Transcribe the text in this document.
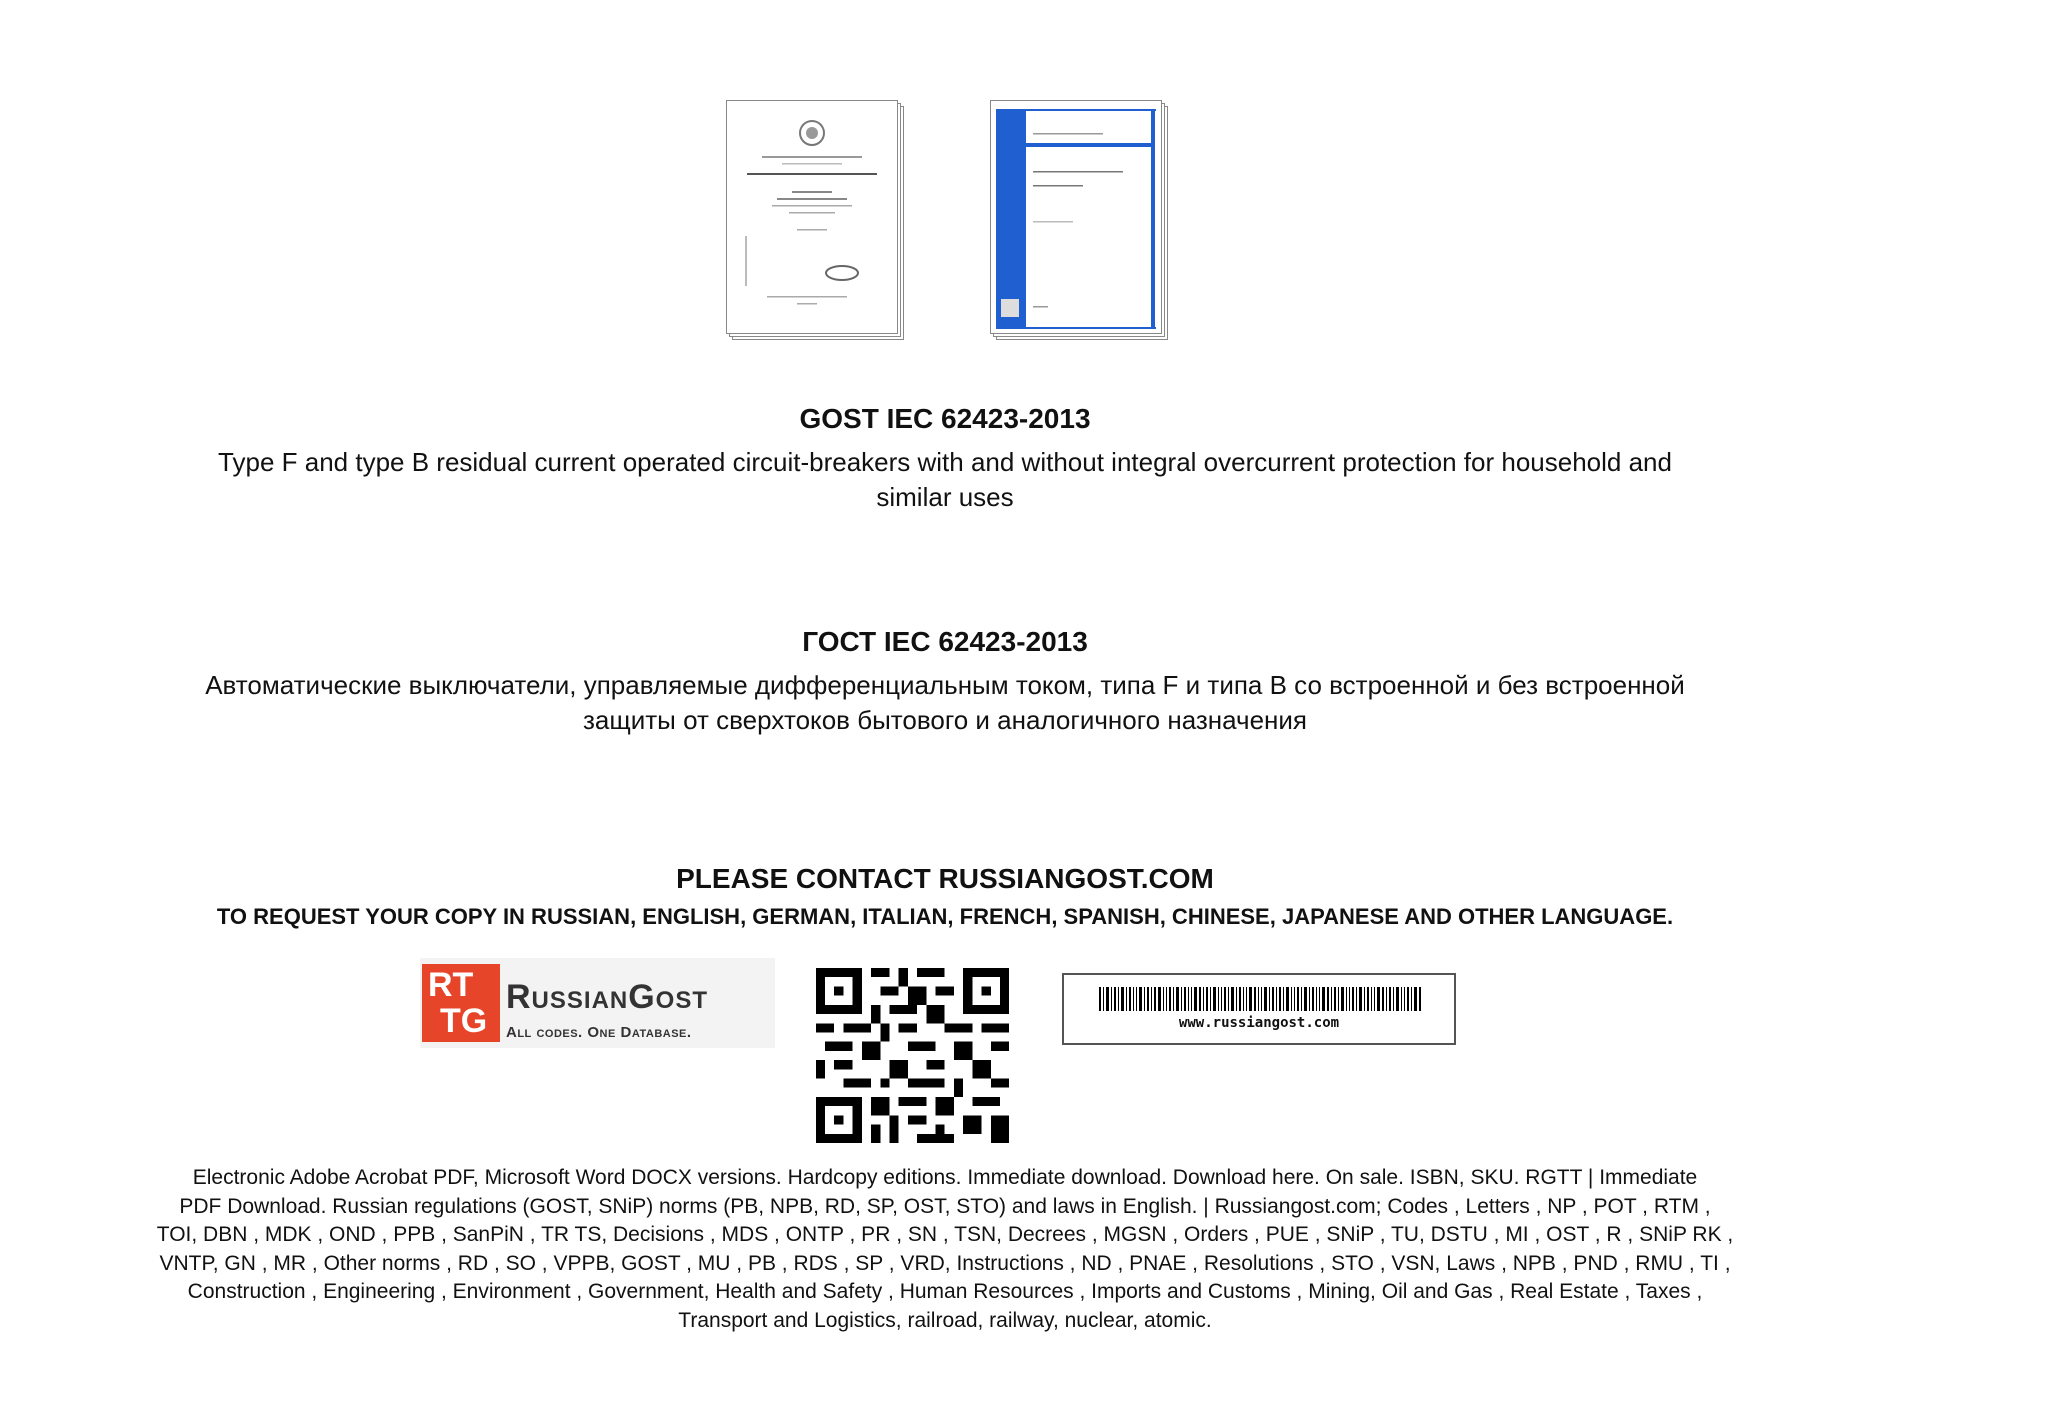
GOST IEC 62423-2013
Type F and type B residual current operated circuit-breakers with and without integral overcurrent protection for household and
similar uses
ГОСТ IEC 62423-2013
Автоматические выключатели, управляемые дифференциальным током, типа F и типа B со встроенной и без встроенной
защиты от сверхтоков бытового и аналогичного назначения
PLEASE CONTACT RUSSIANGOST.COM
TO REQUEST YOUR COPY IN RUSSIAN, ENGLISH, GERMAN, ITALIAN, FRENCH, SPANISH, CHINESE, JAPANESE AND OTHER LANGUAGE.
RT
TG
RussianGost
All codes. One Database.
www.russiangost.com
Electronic Adobe Acrobat PDF, Microsoft Word DOCX versions. Hardcopy editions. Immediate download. Download here. On sale. ISBN, SKU. RGTT | Immediate
PDF Download. Russian regulations (GOST, SNiP) norms (PB, NPB, RD, SP, OST, STO) and laws in English. | Russiangost.com; Codes , Letters , NP , POT , RTM ,
TOI, DBN , MDK , OND , PPB , SanPiN , TR TS, Decisions , MDS , ONTP , PR , SN , TSN, Decrees , MGSN , Orders , PUE , SNiP , TU, DSTU , MI , OST , R , SNiP RK ,
VNTP, GN , MR , Other norms , RD , SO , VPPB, GOST , MU , PB , RDS , SP , VRD, Instructions , ND , PNAE , Resolutions , STO , VSN, Laws , NPB , PND , RMU , TI ,
Construction , Engineering , Environment , Government, Health and Safety , Human Resources , Imports and Customs , Mining, Oil and Gas , Real Estate , Taxes ,
Transport and Logistics, railroad, railway, nuclear, atomic.
